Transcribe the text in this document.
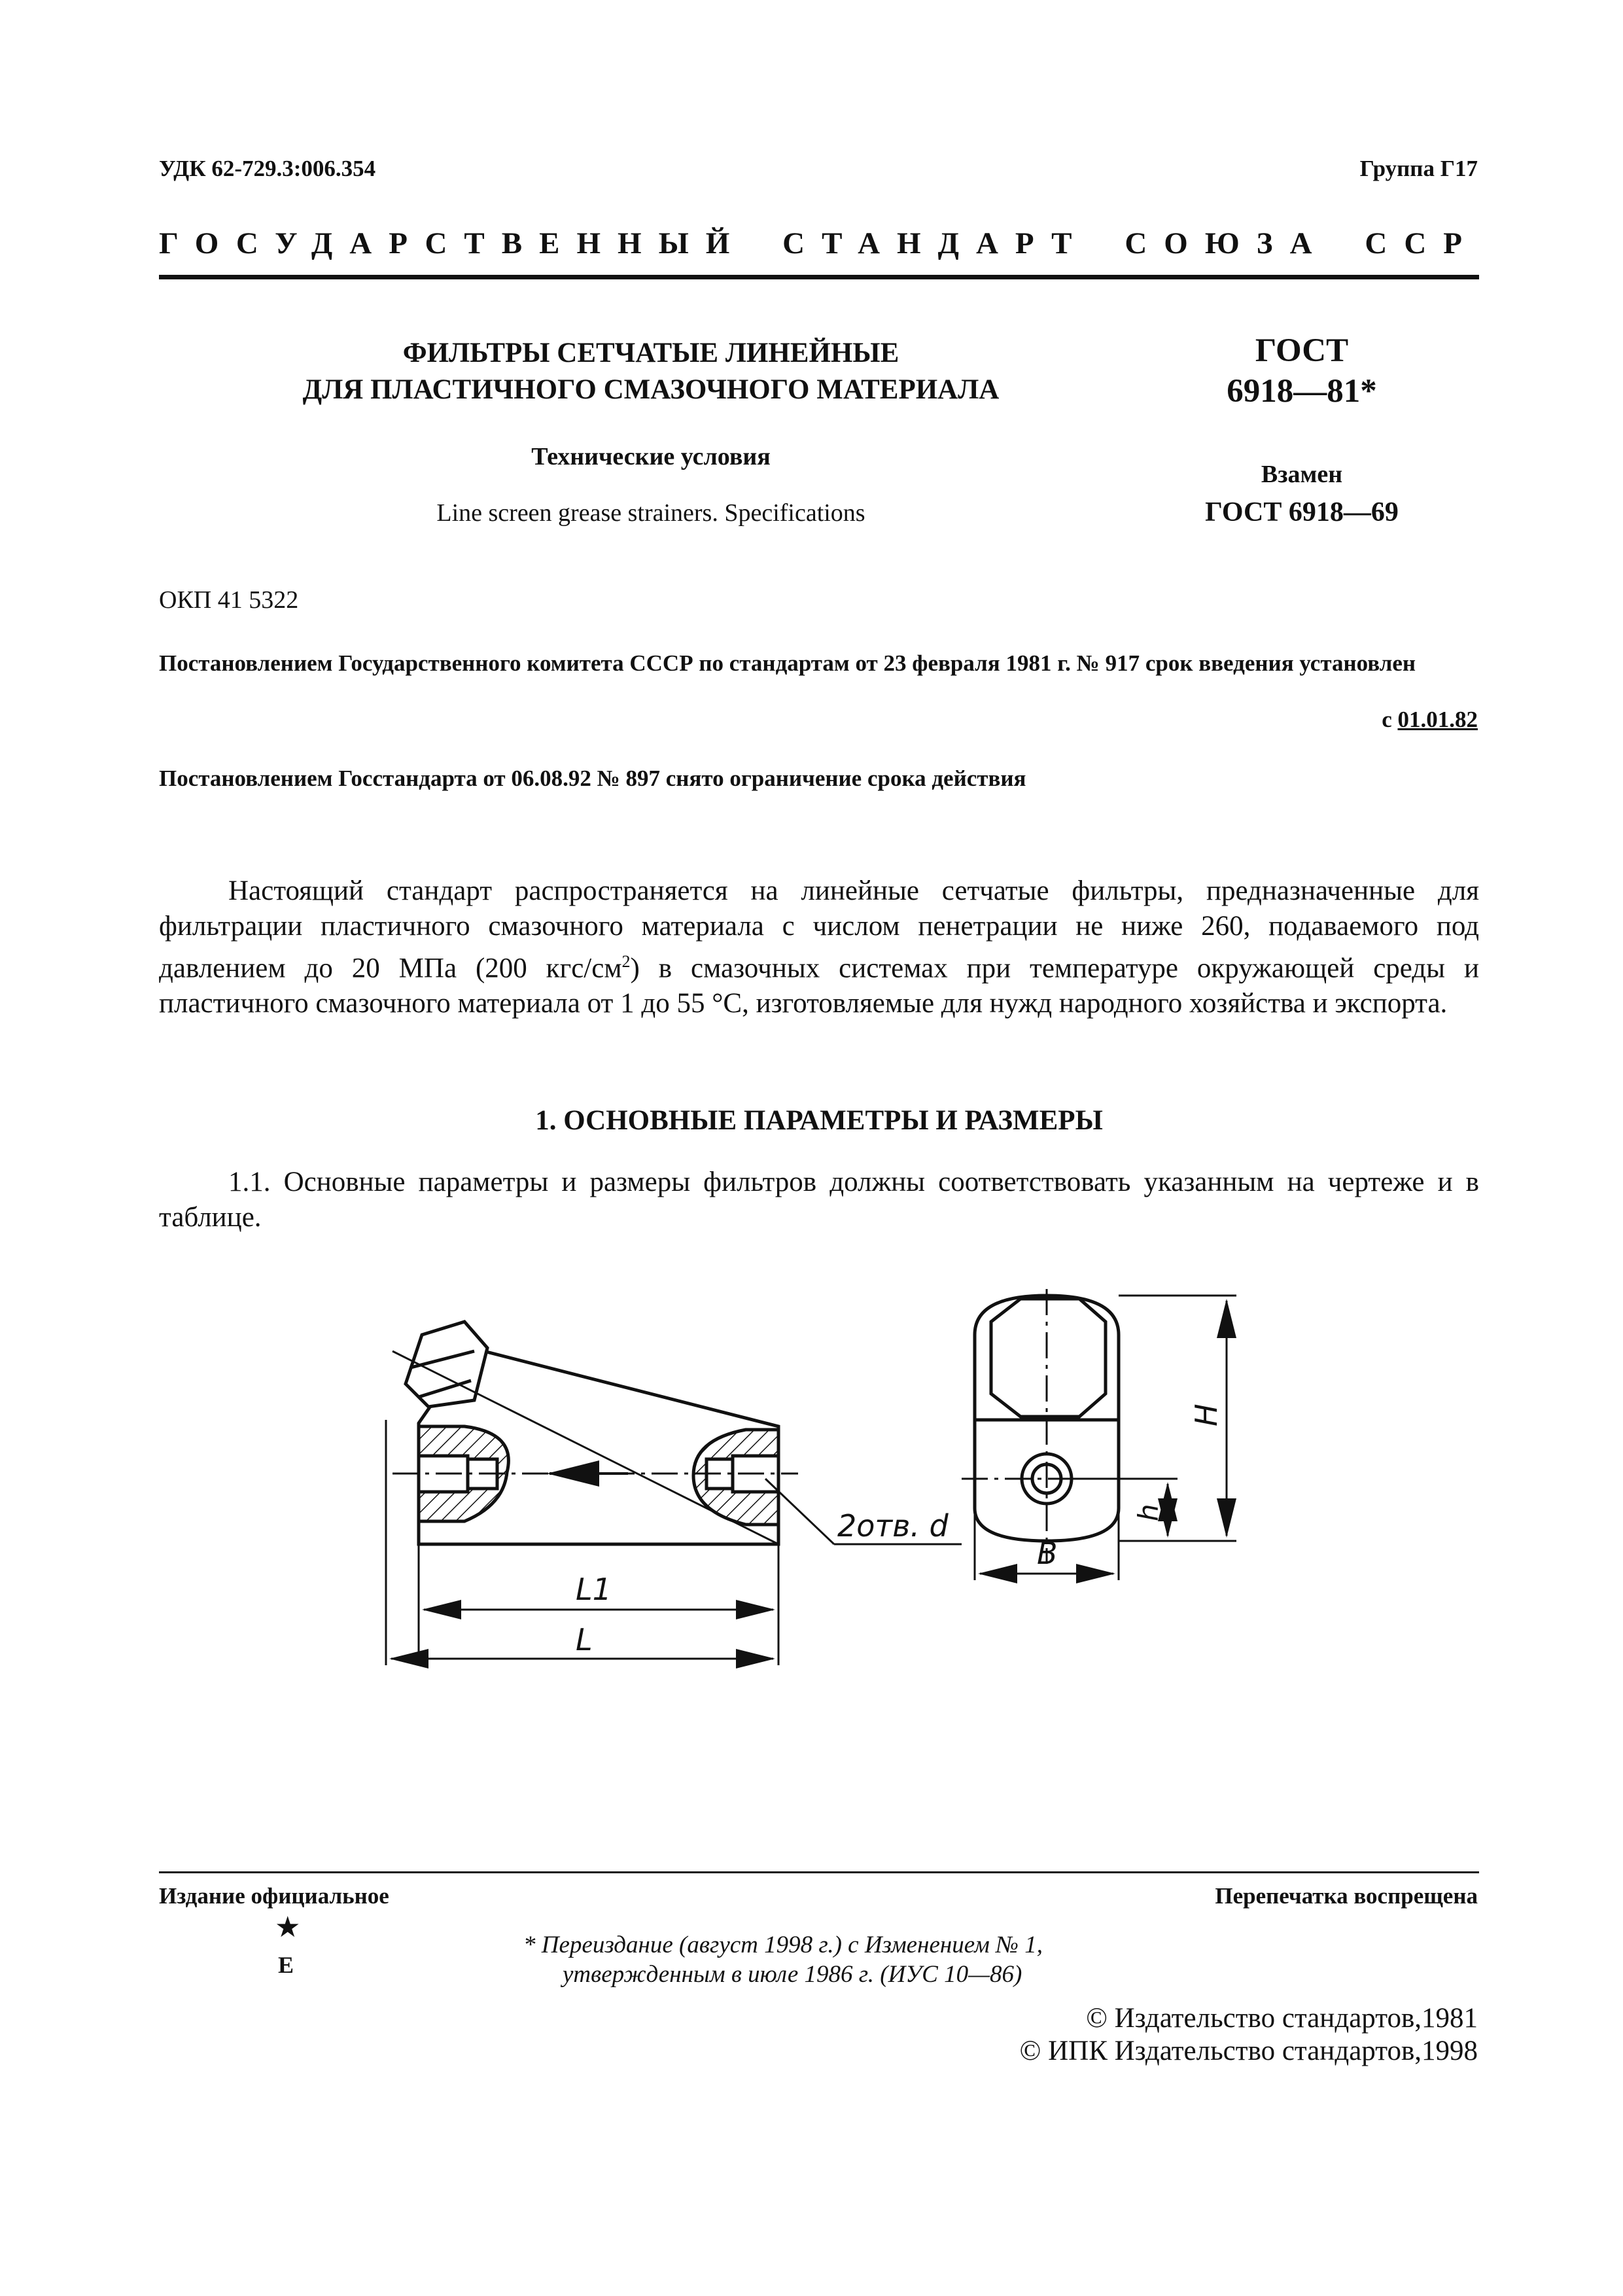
УДК 62-729.3:006.354	Группа Г17
ГОСУДАРСТВЕННЫЙ СТАНДАРТ СОЮЗА ССР
ФИЛЬТРЫ СЕТЧАТЫЕ ЛИНЕЙНЫЕ
ДЛЯ ПЛАСТИЧНОГО СМАЗОЧНОГО МАТЕРИАЛА
Технические условия
Line screen grease strainers. Specifications
ГОСТ
6918—81*
Взамен
ГОСТ 6918—69
ОКП 41 5322
Постановлением Государственного комитета СССР по стандартам от 23 февраля 1981 г. № 917 срок введения установлен
с 01.01.82
Постановлением Госстандарта от 06.08.92 № 897 снято ограничение срока действия
Настоящий стандарт распространяется на линейные сетчатые фильтры, предназначенные для фильтрации пластичного смазочного материала с числом пенетрации не ниже 260, подаваемого под давлением до 20 МПа (200 кгс/$см^2$) в смазочных системах при температуре окружающей среды и пластичного смазочного материала от 1 до 55 °С, изготовляемые для нужд народного хозяйства и экспорта.
1. ОСНОВНЫЕ ПАРАМЕТРЫ И РАЗМЕРЫ
1.1. Основные параметры и размеры фильтров должны соответствовать указанным на чертеже и в таблице.
2отв. d
L1
L
B
H
h
Издание официальное	Перепечатка воспрещена
★
Е
* Переиздание (август 1998 г.) с Изменением № 1,
утвержденным в июле 1986 г. (ИУС 10—86)
© Издательство стандартов,1981
© ИПК Издательство стандартов,1998
